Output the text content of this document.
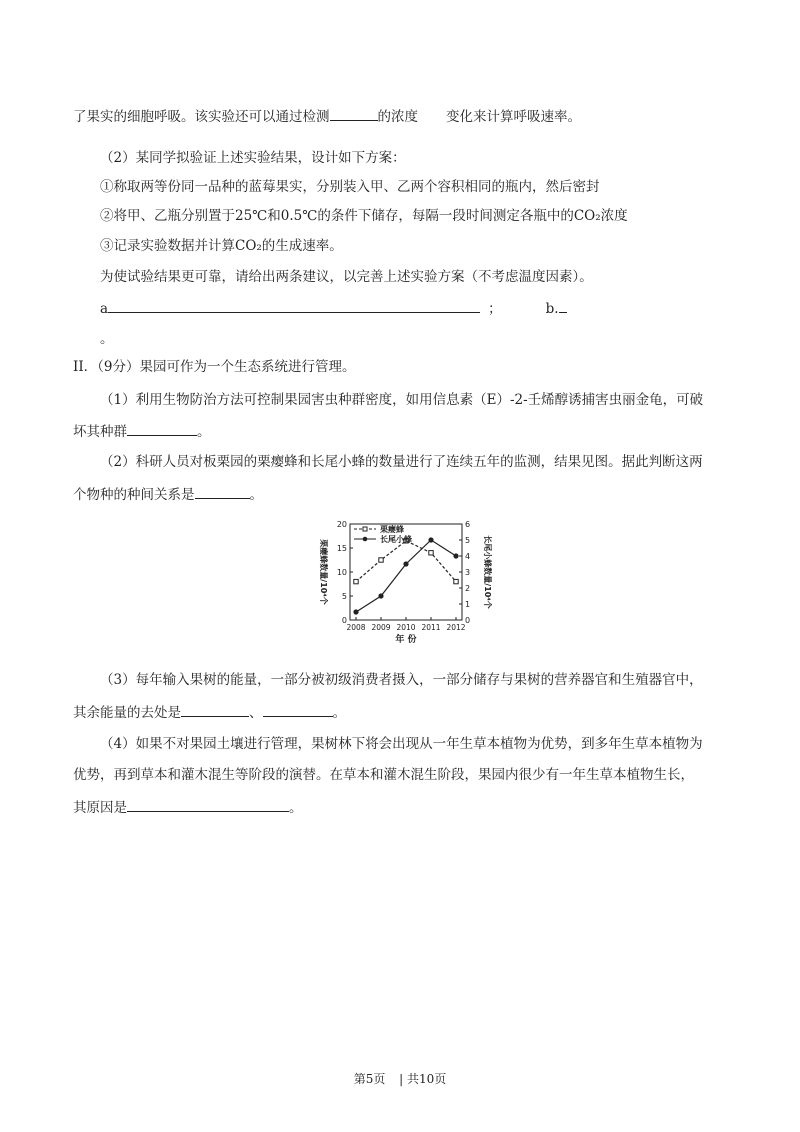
了果实的细胞呼吸。该实验还可以通过检测	的浓度 变化来计算呼吸速率。
（2）某同学拟验证上述实验结果，设计如下方案：
①称取两等份同一品种的蓝莓果实，分别装入甲、乙两个容积相同的瓶内，然后密封
②将甲、乙瓶分别置于25℃和0.5℃的条件下储存，每隔一段时间测定各瓶中的CO₂浓度
③记录实验数据并计算CO₂的生成速率。
为使试验结果更可靠，请给出两条建议，以完善上述实验方案（不考虑温度因素）。
a	；	b.
。
II．（9分）果园可作为一个生态系统进行管理。
（1）利用生物防治方法可控制果园害虫种群密度，如用信息素（E）-2-壬烯醇诱捕害虫丽金龟，可破
坏其种群	。
（2）科研人员对板栗园的栗瘿蜂和长尾小蜂的数量进行了连续五年的监测，结果见图。据此判断这两
个物种的种间关系是	。
0
5
10
15
20
0
1
2
3
4
5
6
2008 2009 2010 2011 2012
年 份
栗瘿蜂数量/10⁴个	长尾小蜂数量/10⁴个
栗瘿蜂
长尾小蜂
（3）每年输入果树的能量，一部分被初级消费者摄入，一部分储存与果树的营养器官和生殖器官中，
其余能量的去处是	、	。
（4）如果不对果园土壤进行管理，果树林下将会出现从一年生草本植物为优势，到多年生草本植物为
优势，再到草本和灌木混生等阶段的演替。在草本和灌木混生阶段，果园内很少有一年生草本植物生长，
其原因是	。
第5页 | 共10页
